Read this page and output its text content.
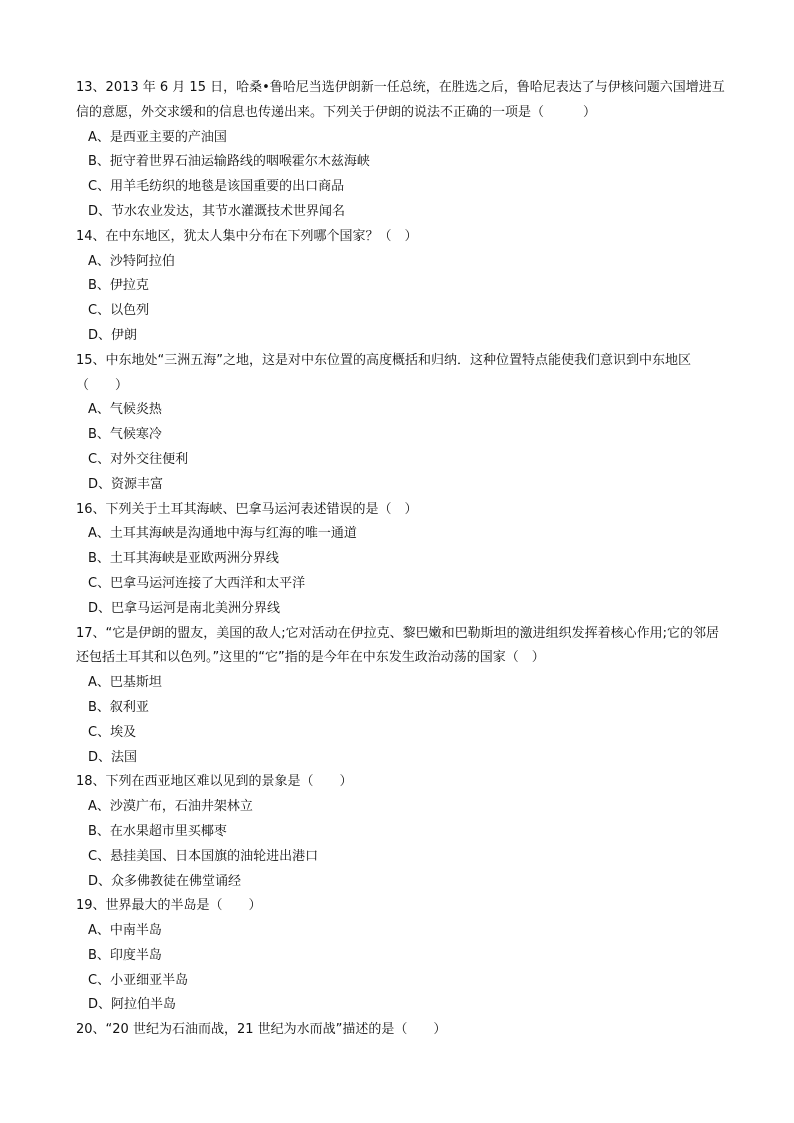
13、2013 年 6 月 15 日，哈桑•鲁哈尼当选伊朗新一任总统，在胜选之后，鲁哈尼表达了与伊核问题六国增进互信的意愿，外交求缓和的信息也传递出来。下列关于伊朗的说法不正确的一项是（　　　）

A、是西亚主要的产油国

B、扼守着世界石油运输路线的咽喉霍尔木兹海峡

C、用羊毛纺织的地毯是该国重要的出口商品

D、节水农业发达，其节水灌溉技术世界闻名

14、在中东地区，犹太人集中分布在下列哪个国家？（　）

A、沙特阿拉伯

B、伊拉克

C、以色列

D、伊朗

15、中东地处“三洲五海”之地，这是对中东位置的高度概括和归纳．这种位置特点能使我们意识到中东地区（　　）

A、气候炎热

B、气候寒冷

C、对外交往便利

D、资源丰富

16、下列关于土耳其海峡、巴拿马运河表述错误的是（　）

A、土耳其海峡是沟通地中海与红海的唯一通道

B、土耳其海峡是亚欧两洲分界线

C、巴拿马运河连接了大西洋和太平洋

D、巴拿马运河是南北美洲分界线

17、“它是伊朗的盟友，美国的敌人;它对活动在伊拉克、黎巴嫩和巴勒斯坦的激进组织发挥着核心作用;它的邻居还包括土耳其和以色列。”这里的“它”指的是今年在中东发生政治动荡的国家（　）

A、巴基斯坦

B、叙利亚

C、埃及

D、法国

18、下列在西亚地区难以见到的景象是（　　）

A、沙漠广布，石油井架林立

B、在水果超市里买椰枣

C、悬挂美国、日本国旗的油轮进出港口

D、众多佛教徒在佛堂诵经

19、世界最大的半岛是（　　）

A、中南半岛

B、印度半岛

C、小亚细亚半岛

D、阿拉伯半岛

20、“20 世纪为石油而战，21 世纪为水而战”描述的是（　　）
